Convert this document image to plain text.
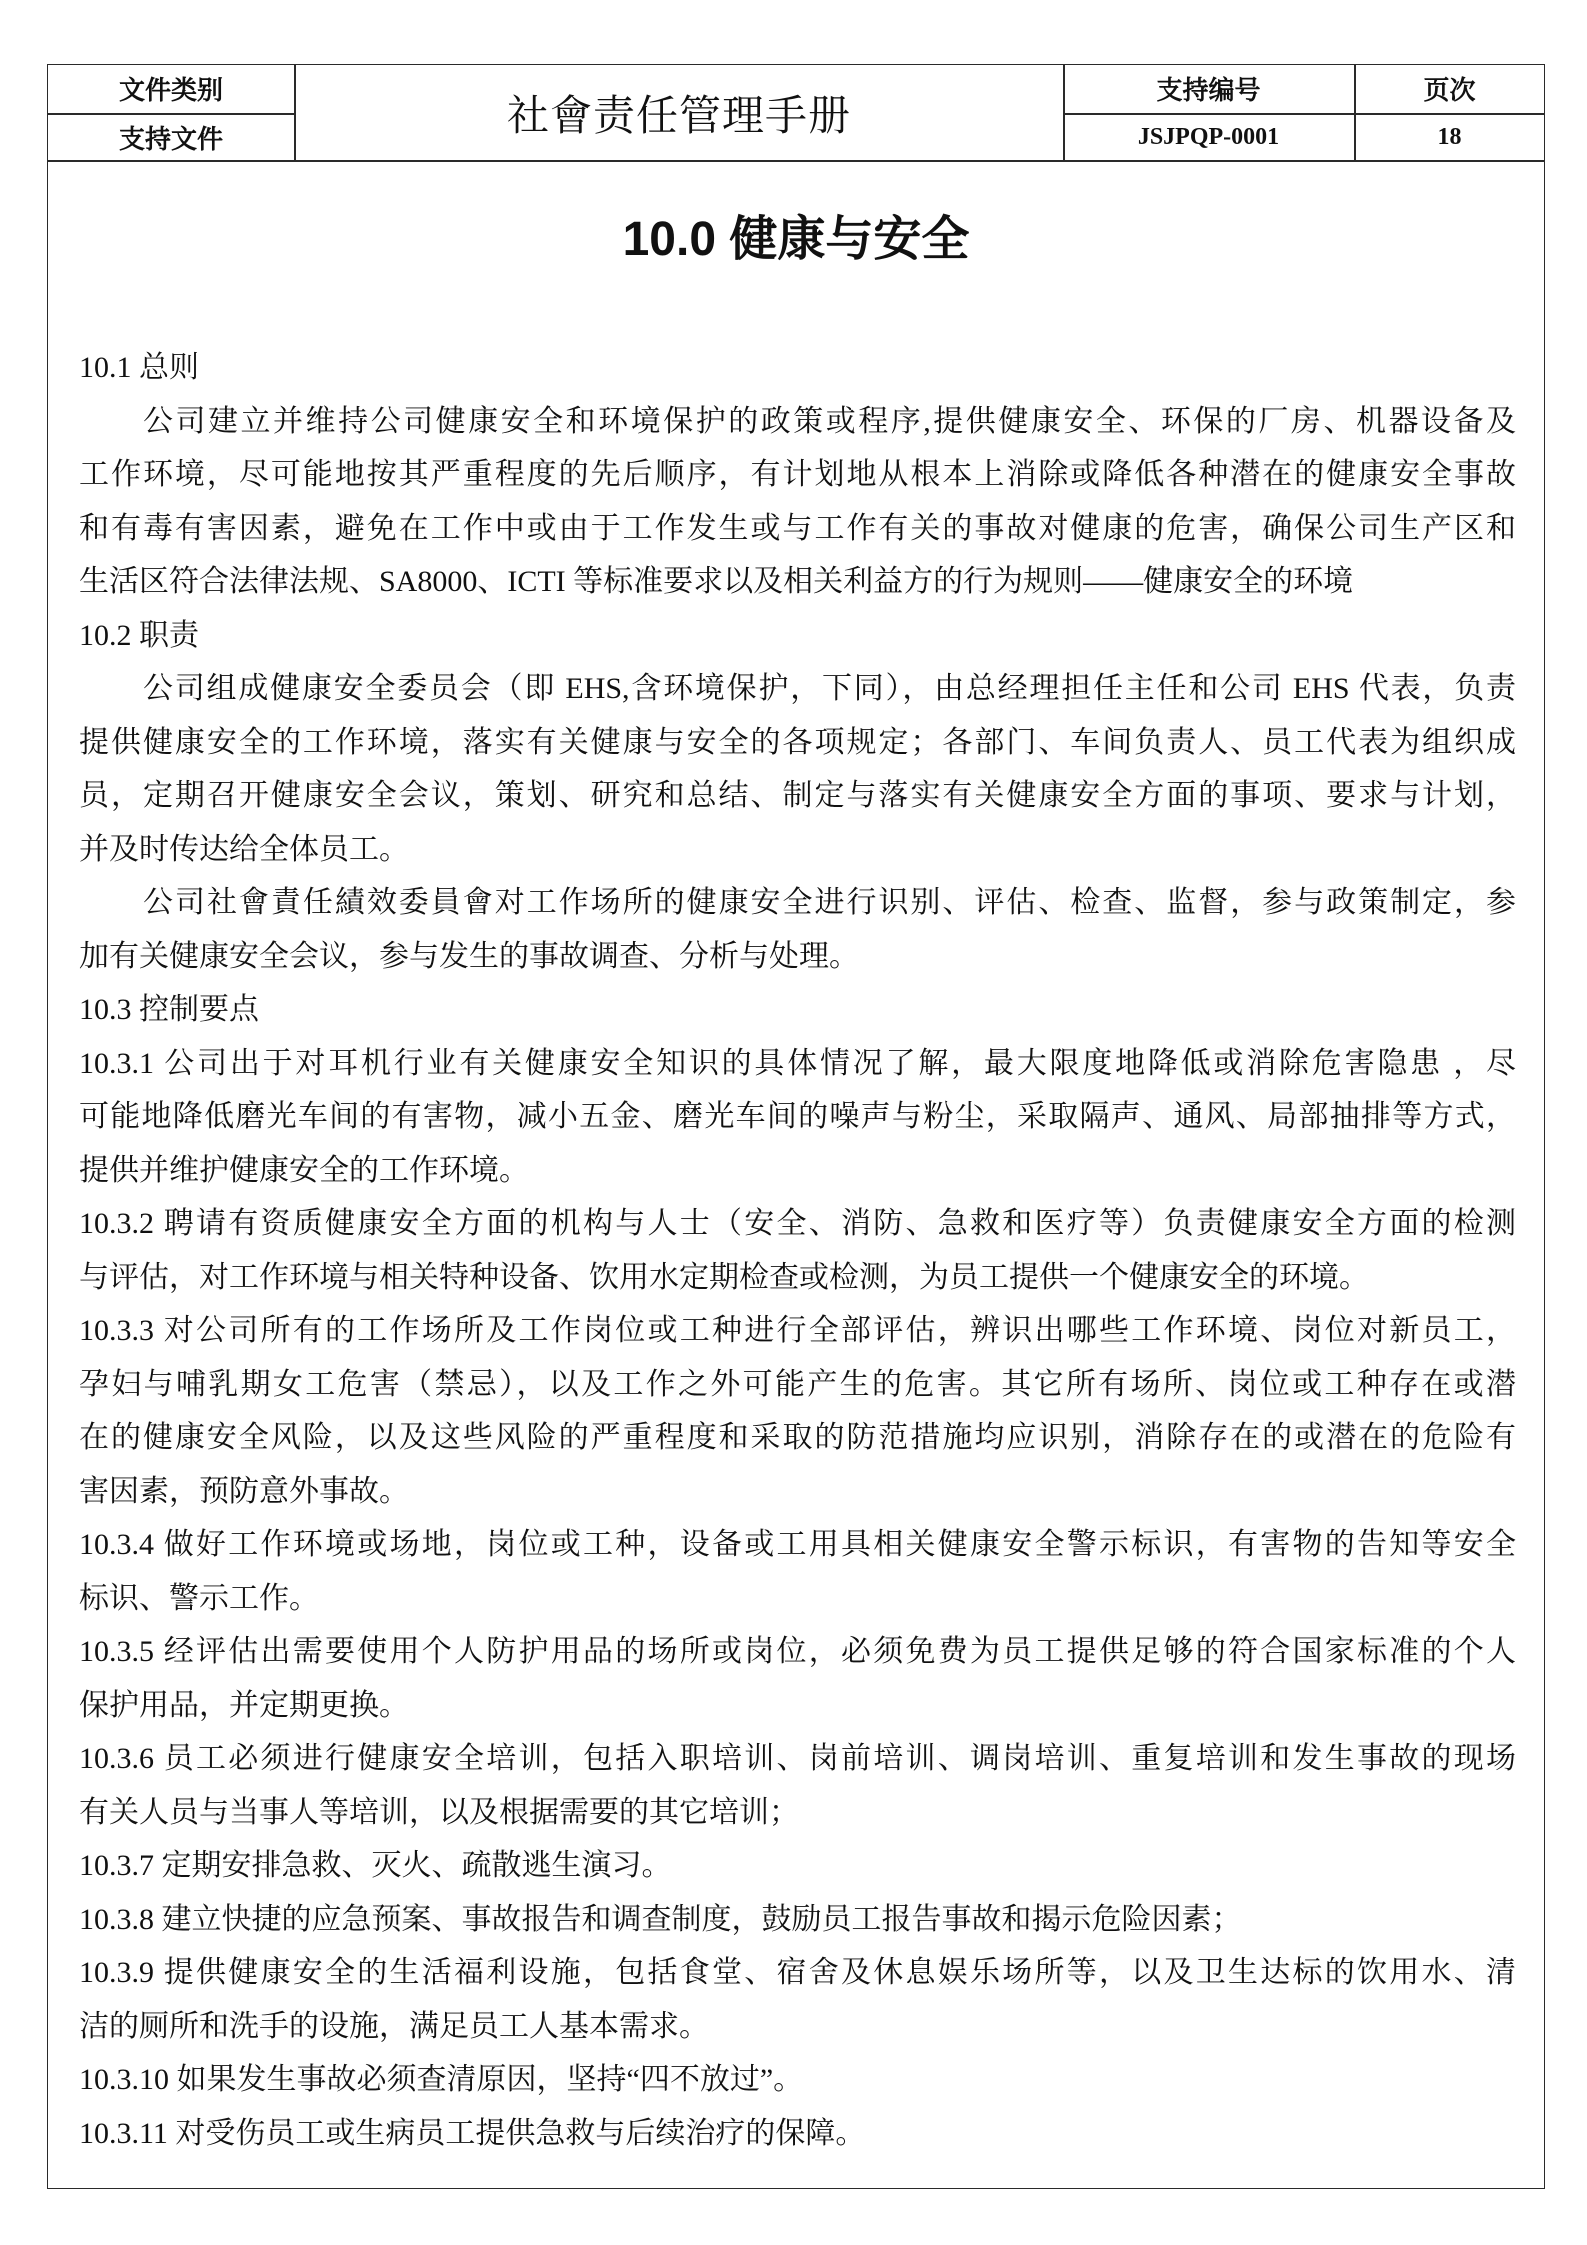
文件类别
支持文件	社會责任管理手册
支持编号
JSJPQP-0001
页次
18
10.0 健康与安全
10.1 总则
公司建立并维持公司健康安全和环境保护的政策或程序,提供健康安全、环保的厂房、机器设备及
工作环境，尽可能地按其严重程度的先后顺序，有计划地从根本上消除或降低各种潜在的健康安全事故
和有毒有害因素，避免在工作中或由于工作发生或与工作有关的事故对健康的危害，确保公司生产区和
生活区符合法律法规、SA8000、ICTI 等标准要求以及相关利益方的行为规则——健康安全的环境
10.2 职责
公司组成健康安全委员会（即 EHS,含环境保护，下同），由总经理担任主任和公司 EHS 代表，负责
提供健康安全的工作环境，落实有关健康与安全的各项规定；各部门、车间负责人、员工代表为组织成
员，定期召开健康安全会议，策划、研究和总结、制定与落实有关健康安全方面的事项、要求与计划，
并及时传达给全体员工。
公司社會責任績效委員會对工作场所的健康安全进行识别、评估、检查、监督，参与政策制定，参
加有关健康安全会议，参与发生的事故调查、分析与处理。
10.3 控制要点
10.3.1 公司出于对耳机行业有关健康安全知识的具体情况了解，最大限度地降低或消除危害隐患 ，尽
可能地降低磨光车间的有害物，减小五金、磨光车间的噪声与粉尘，采取隔声、通风、局部抽排等方式，
提供并维护健康安全的工作环境。
10.3.2 聘请有资质健康安全方面的机构与人士（安全、消防、急救和医疗等）负责健康安全方面的检测
与评估，对工作环境与相关特种设备、饮用水定期检查或检测，为员工提供一个健康安全的环境。
10.3.3 对公司所有的工作场所及工作岗位或工种进行全部评估，辨识出哪些工作环境、岗位对新员工，
孕妇与哺乳期女工危害（禁忌），以及工作之外可能产生的危害。其它所有场所、岗位或工种存在或潜
在的健康安全风险，以及这些风险的严重程度和采取的防范措施均应识别，消除存在的或潜在的危险有
害因素，预防意外事故。
10.3.4 做好工作环境或场地，岗位或工种，设备或工用具相关健康安全警示标识，有害物的告知等安全
标识、警示工作。
10.3.5 经评估出需要使用个人防护用品的场所或岗位，必须免费为员工提供足够的符合国家标准的个人
保护用品，并定期更换。
10.3.6 员工必须进行健康安全培训，包括入职培训、岗前培训、调岗培训、重复培训和发生事故的现场
有关人员与当事人等培训，以及根据需要的其它培训；
10.3.7 定期安排急救、灭火、疏散逃生演习。
10.3.8 建立快捷的应急预案、事故报告和调查制度，鼓励员工报告事故和揭示危险因素；
10.3.9 提供健康安全的生活福利设施，包括食堂、宿舍及休息娱乐场所等，以及卫生达标的饮用水、清
洁的厕所和洗手的设施，满足员工人基本需求。
10.3.10 如果发生事故必须查清原因，坚持“四不放过”。
10.3.11 对受伤员工或生病员工提供急救与后续治疗的保障。
